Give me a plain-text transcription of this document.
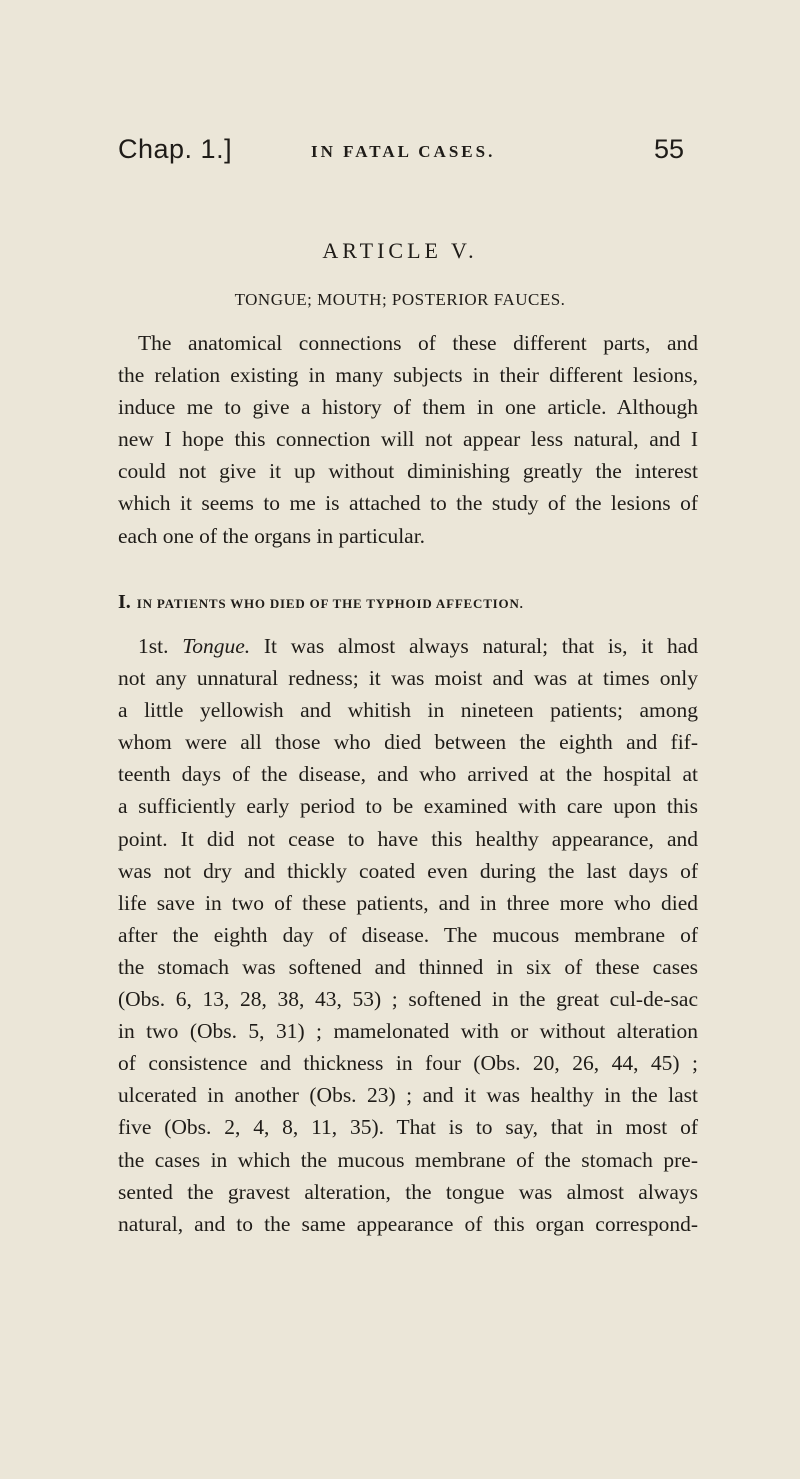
Chap. 1.]	IN FATAL CASES.	55
ARTICLE V.
TONGUE; MOUTH; POSTERIOR FAUCES.
The anatomical connections of these different parts, and
the relation existing in many subjects in their different lesions,
induce me to give a history of them in one article. Although
new I hope this connection will not appear less natural, and I
could not give it up without diminishing greatly the interest
which it seems to me is attached to the study of the lesions of
each one of the organs in particular.
I. IN PATIENTS WHO DIED OF THE TYPHOID AFFECTION.
1st. Tongue. It was almost always natural; that is, it had
not any unnatural redness; it was moist and was at times only
a little yellowish and whitish in nineteen patients; among
whom were all those who died between the eighth and fif-
teenth days of the disease, and who arrived at the hospital at
a sufficiently early period to be examined with care upon this
point. It did not cease to have this healthy appearance, and
was not dry and thickly coated even during the last days of
life save in two of these patients, and in three more who died
after the eighth day of disease. The mucous membrane of
the stomach was softened and thinned in six of these cases
(Obs. 6, 13, 28, 38, 43, 53) ; softened in the great cul-de-sac
in two (Obs. 5, 31) ; mamelonated with or without alteration
of consistence and thickness in four (Obs. 20, 26, 44, 45) ;
ulcerated in another (Obs. 23) ; and it was healthy in the last
five (Obs. 2, 4, 8, 11, 35). That is to say, that in most of
the cases in which the mucous membrane of the stomach pre-
sented the gravest alteration, the tongue was almost always
natural, and to the same appearance of this organ correspond-
